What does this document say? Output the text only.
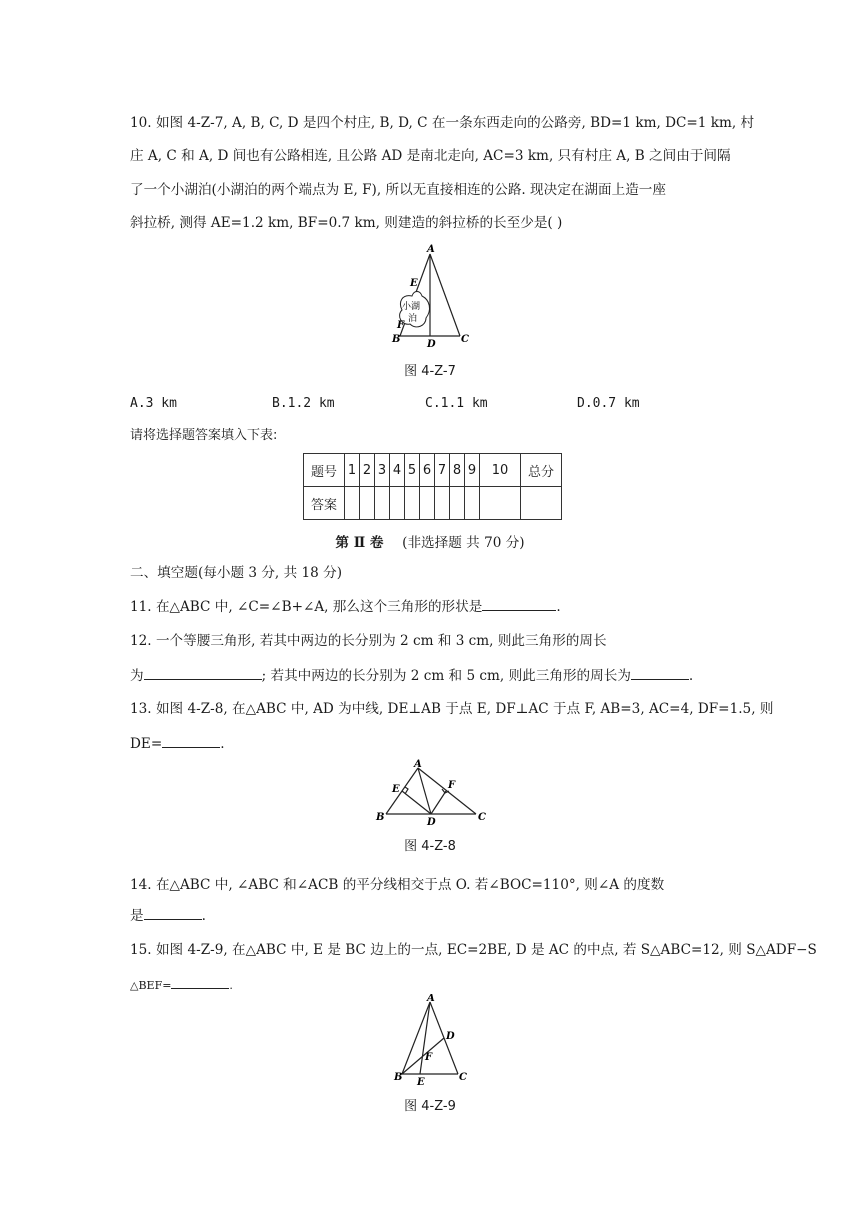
10. 如图 4-Z-7, A, B, C, D 是四个村庄, B, D, C 在一条东西走向的公路旁, BD=1 km, DC=1 km, 村
庄 A, C 和 A, D 间也有公路相连, 且公路 AD 是南北走向, AC=3 km, 只有村庄 A, B 之间由于间隔
了一个小湖泊(小湖泊的两个端点为 E, F), 所以无直接相连的公路. 现决定在湖面上造一座
斜拉桥, 测得 AE=1.2 km, BF=0.7 km, 则建造的斜拉桥的长至少是( )
小湖
泊
A
E
F
B	D	C
图 4-Z-7
A.3 km	B.1.2 km	C.1.1 km	D.0.7 km
请将选择题答案填入下表:
题号	1	2	3	4	5	6	7	8	9	10	总分
答案											
第 Ⅱ 卷 (非选择题 共 70 分)
二、填空题(每小题 3 分, 共 18 分)
11. 在△ABC 中, ∠C=∠B+∠A, 那么这个三角形的形状是	.
12. 一个等腰三角形, 若其中两边的长分别为 2 cm 和 3 cm, 则此三角形的周长
为	; 若其中两边的长分别为 2 cm 和 5 cm, 则此三角形的周长为	.
13. 如图 4-Z-8, 在△ABC 中, AD 为中线, DE⊥AB 于点 E, DF⊥AC 于点 F, AB=3, AC=4, DF=1.5, 则
DE=	.
A
E	F
B	D	C
图 4-Z-8
14. 在△ABC 中, ∠ABC 和∠ACB 的平分线相交于点 O. 若∠BOC=110°, 则∠A 的度数
是	.
15. 如图 4-Z-9, 在△ABC 中, E 是 BC 边上的一点, EC=2BE, D 是 AC 的中点, 若 S△ABC=12, 则 S△ADF−S
△BEF=	.
A
D
F
B E	C
图 4-Z-9
